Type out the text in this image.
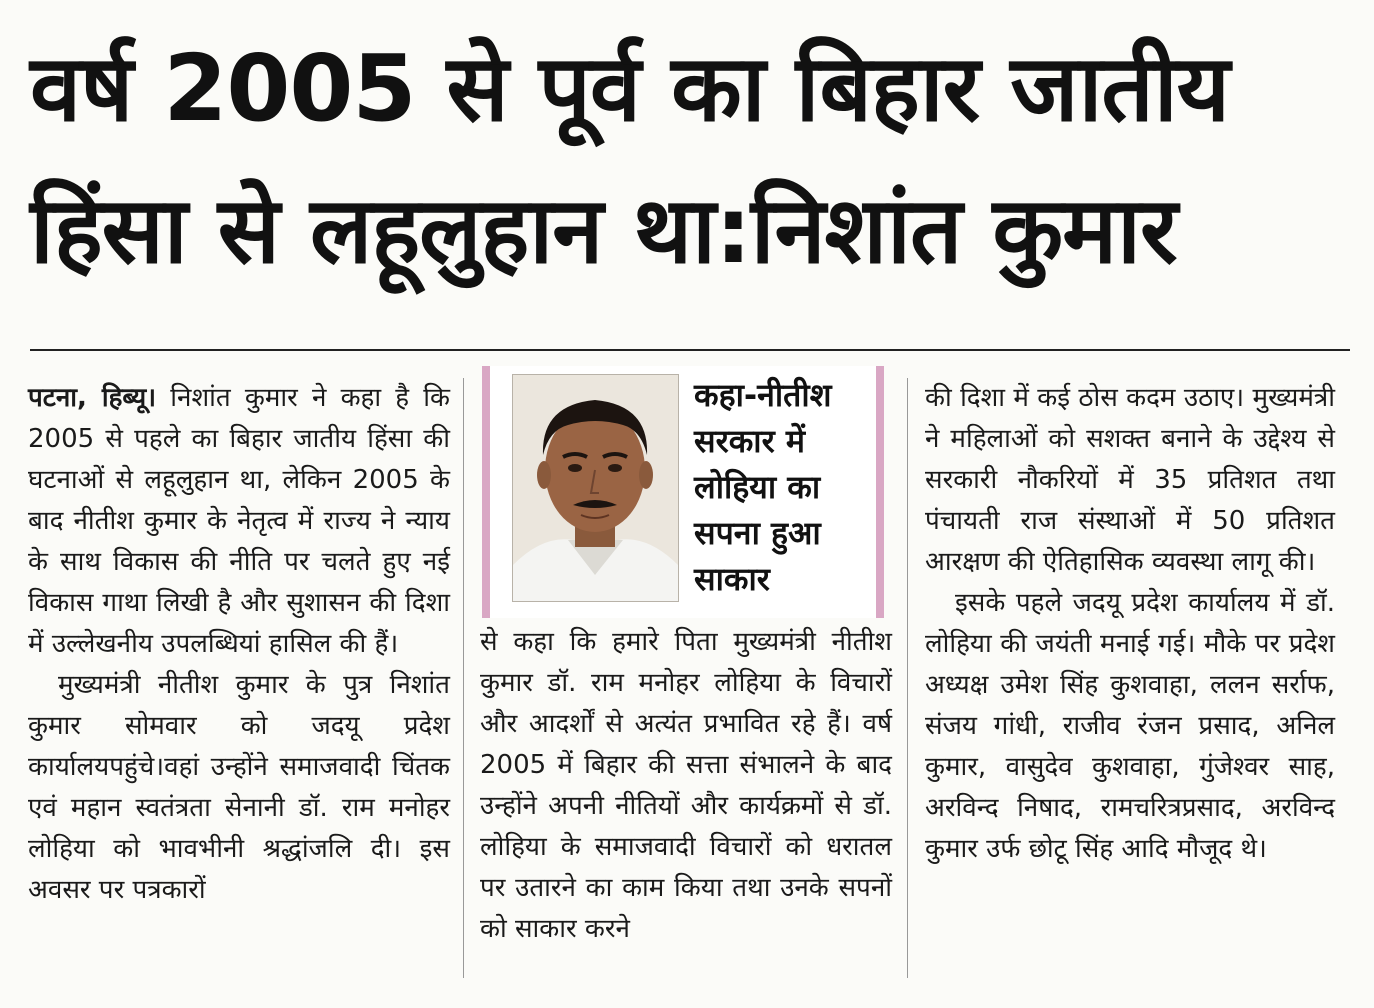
वर्ष 2005 से पूर्व का बिहार जातीय
हिंसा से लहूलुहान था:निशांत कुमार

पटना, हिब्यू। निशांत कुमार ने कहा है कि 2005 से पहले का बिहार जातीय हिंसा की घटनाओं से लहूलुहान था, लेकिन 2005 के बाद नीतीश कुमार के नेतृत्व में राज्य ने न्याय के साथ विकास की नीति पर चलते हुए नई विकास गाथा लिखी है और सुशासन की दिशा में उल्लेखनीय उपलब्धियां हासिल की हैं।

मुख्यमंत्री नीतीश कुमार के पुत्र निशांत कुमार सोमवार को जदयू प्रदेश कार्यालयपहुंचे।वहां उन्होंने समाजवादी चिंतक एवं महान स्वतंत्रता सेनानी डॉ. राम मनोहर लोहिया को भावभीनी श्रद्धांजलि दी। इस अवसर पर पत्रकारों

कहा-नीतीश
सरकार में
लोहिया का
सपना हुआ
साकार

से कहा कि हमारे पिता मुख्यमंत्री नीतीश कुमार डॉ. राम मनोहर लोहिया के विचारों और आदर्शों से अत्यंत प्रभावित रहे हैं। वर्ष 2005 में बिहार की सत्ता संभालने के बाद उन्होंने अपनी नीतियों और कार्यक्रमों से डॉ. लोहिया के समाजवादी विचारों को धरातल पर उतारने का काम किया तथा उनके सपनों को साकार करने

की दिशा में कई ठोस कदम उठाए। मुख्यमंत्री ने महिलाओं को सशक्त बनाने के उद्देश्य से सरकारी नौकरियों में 35 प्रतिशत तथा पंचायती राज संस्थाओं में 50 प्रतिशत आरक्षण की ऐतिहासिक व्यवस्था लागू की।

इसके पहले जदयू प्रदेश कार्यालय में डॉ. लोहिया की जयंती मनाई गई। मौके पर प्रदेश अध्यक्ष उमेश सिंह कुशवाहा, ललन सर्राफ, संजय गांधी, राजीव रंजन प्रसाद, अनिल कुमार, वासुदेव कुशवाहा, गुंजेश्वर साह, अरविन्द निषाद, रामचरित्रप्रसाद, अरविन्द कुमार उर्फ छोटू सिंह आदि मौजूद थे।
